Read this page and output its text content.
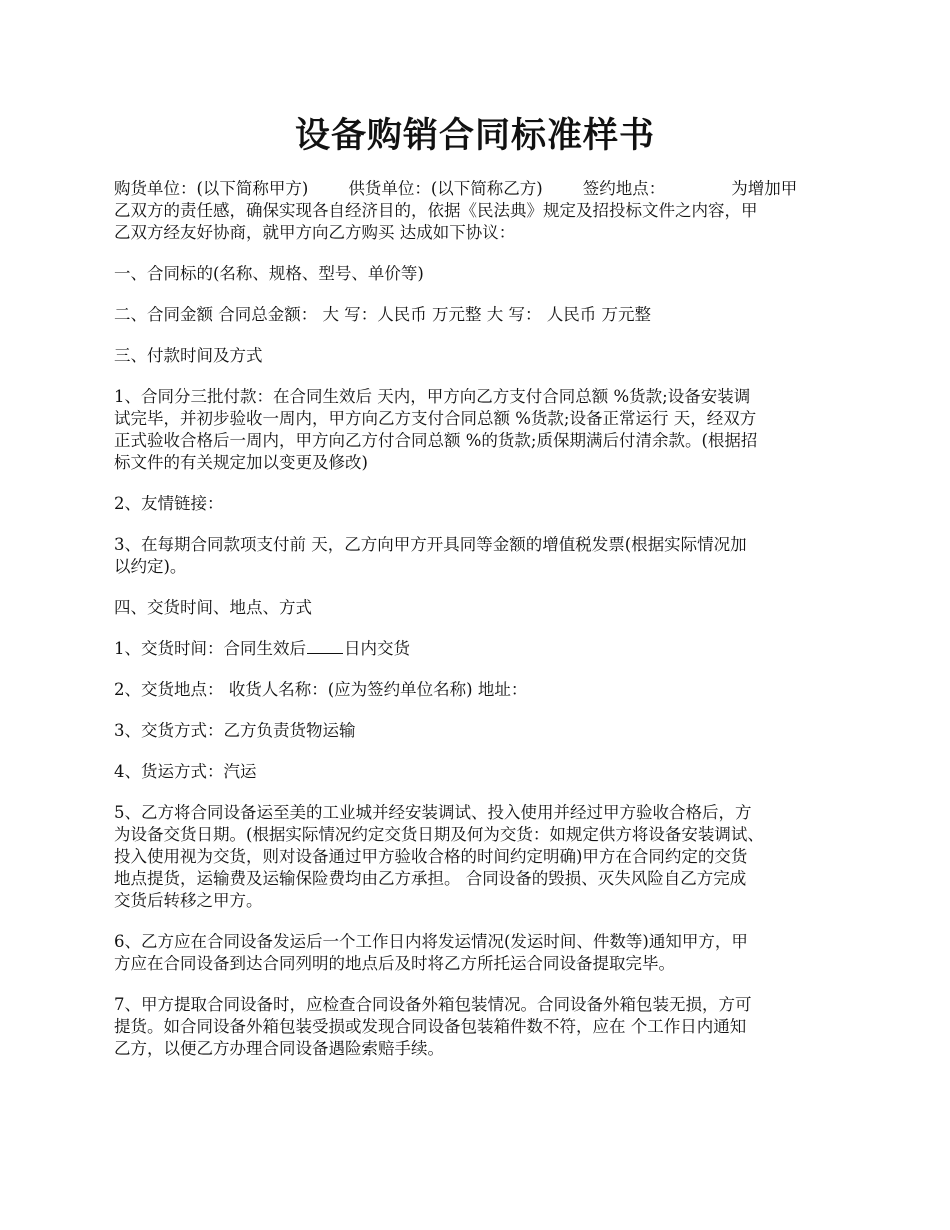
设备购销合同标准样书
购货单位：(以下简称甲方) 供货单位：(以下简称乙方) 签约地点：	为增加甲
乙双方的责任感，确保实现各自经济目的，依据《民法典》规定及招投标文件之内容，甲
乙双方经友好协商，就甲方向乙方购买 达成如下协议：
一、合同标的(名称、规格、型号、单价等)
二、合同金额 合同总金额： 大 写：人民币 万元整 大 写： 人民币 万元整
三、付款时间及方式
1、合同分三批付款：在合同生效后 天内，甲方向乙方支付合同总额 %货款;设备安装调
试完毕，并初步验收一周内，甲方向乙方支付合同总额 %货款;设备正常运行 天，经双方
正式验收合格后一周内，甲方向乙方付合同总额 %的货款;质保期满后付清余款。(根据招
标文件的有关规定加以变更及修改)
2、友情链接：
3、在每期合同款项支付前 天，乙方向甲方开具同等金额的增值税发票(根据实际情况加
以约定)。
四、交货时间、地点、方式
1、交货时间：合同生效后 日内交货
2、交货地点： 收货人名称：(应为签约单位名称) 地址：
3、交货方式：乙方负责货物运输
4、货运方式：汽运
5、乙方将合同设备运至美的工业城并经安装调试、投入使用并经过甲方验收合格后，方
为设备交货日期。(根据实际情况约定交货日期及何为交货：如规定供方将设备安装调试、
投入使用视为交货，则对设备通过甲方验收合格的时间约定明确)甲方在合同约定的交货
地点提货，运输费及运输保险费均由乙方承担。 合同设备的毁损、灭失风险自乙方完成
交货后转移之甲方。
6、乙方应在合同设备发运后一个工作日内将发运情况(发运时间、件数等)通知甲方，甲
方应在合同设备到达合同列明的地点后及时将乙方所托运合同设备提取完毕。
7、甲方提取合同设备时，应检查合同设备外箱包装情况。合同设备外箱包装无损，方可
提货。如合同设备外箱包装受损或发现合同设备包装箱件数不符，应在 个工作日内通知
乙方，以便乙方办理合同设备遇险索赔手续。
